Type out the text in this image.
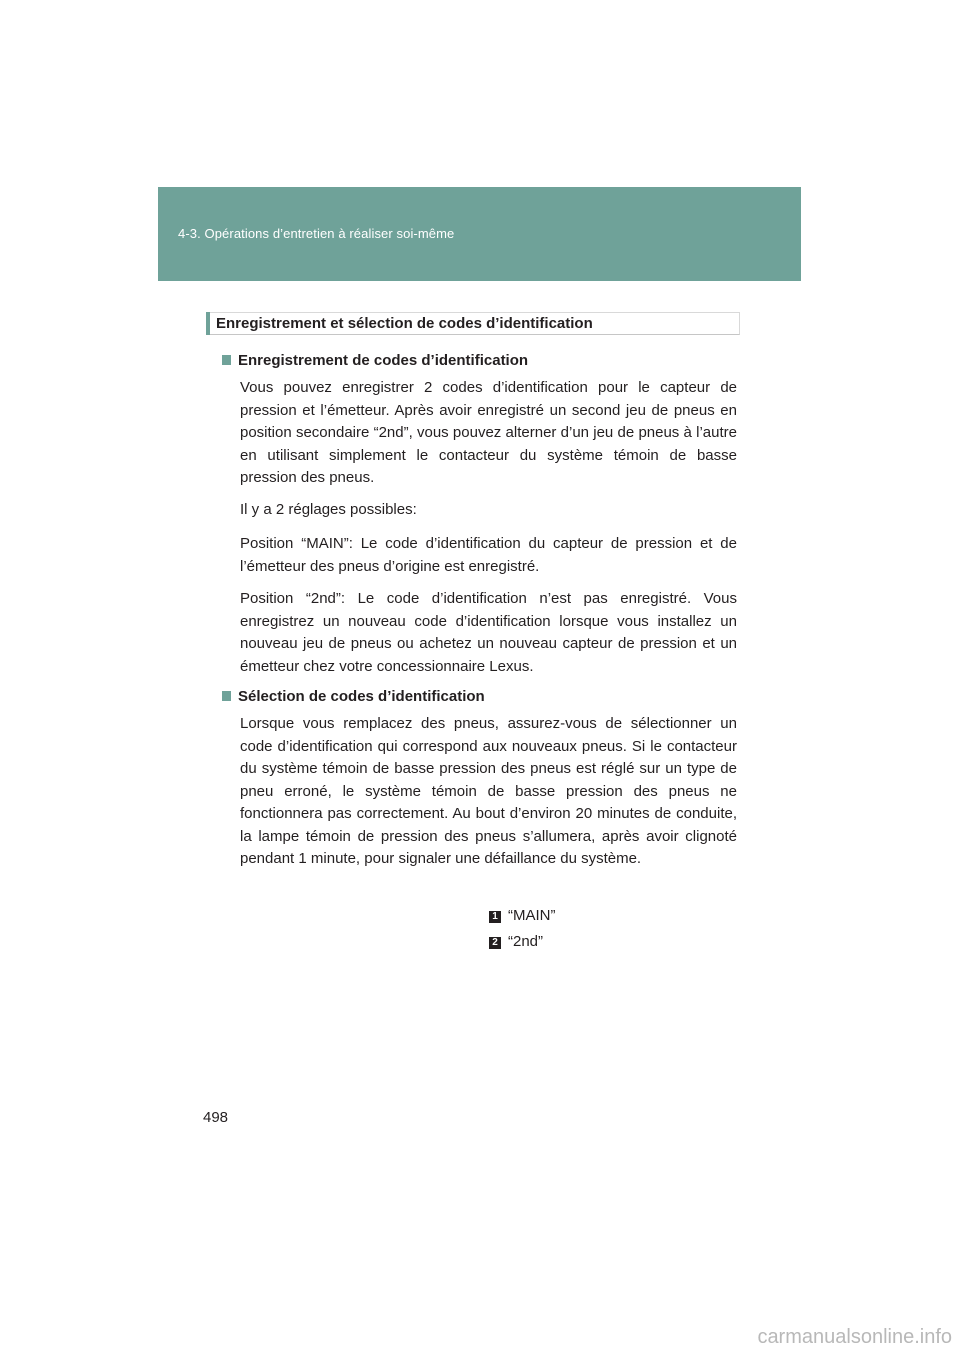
4-3. Opérations d’entretien à réaliser soi-même
Enregistrement et sélection de codes d’identification
Enregistrement de codes d’identification

Vous pouvez enregistrer 2 codes d’identification pour le capteur de pression et l’émetteur. Après avoir enregistré un second jeu de pneus en position secondaire “2nd”, vous pouvez alterner d’un jeu de pneus à l’autre en utilisant simplement le contacteur du système témoin de basse pression des pneus.

Il y a 2 réglages possibles:

Position “MAIN”: Le code d’identification du capteur de pression et de l’émetteur des pneus d’origine est enregistré.

Position “2nd”: Le code d’identification n’est pas enregistré. Vous enregistrez un nouveau code d’identification lorsque vous installez un nouveau jeu de pneus ou achetez un nouveau capteur de pression et un émetteur chez votre concessionnaire Lexus.

Sélection de codes d’identification

Lorsque vous remplacez des pneus, assurez-vous de sélectionner un code d’identification qui correspond aux nouveaux pneus. Si le contacteur du système témoin de basse pression des pneus est réglé sur un type de pneu erroné, le système témoin de basse pression des pneus ne fonctionnera pas correctement. Au bout d’environ 20 minutes de conduite, la lampe témoin de pression des pneus s’allumera, après avoir clignoté pendant 1 minute, pour signaler une défaillance du système.

1 “MAIN”
2 “2nd”
498
carmanualsonline.info
